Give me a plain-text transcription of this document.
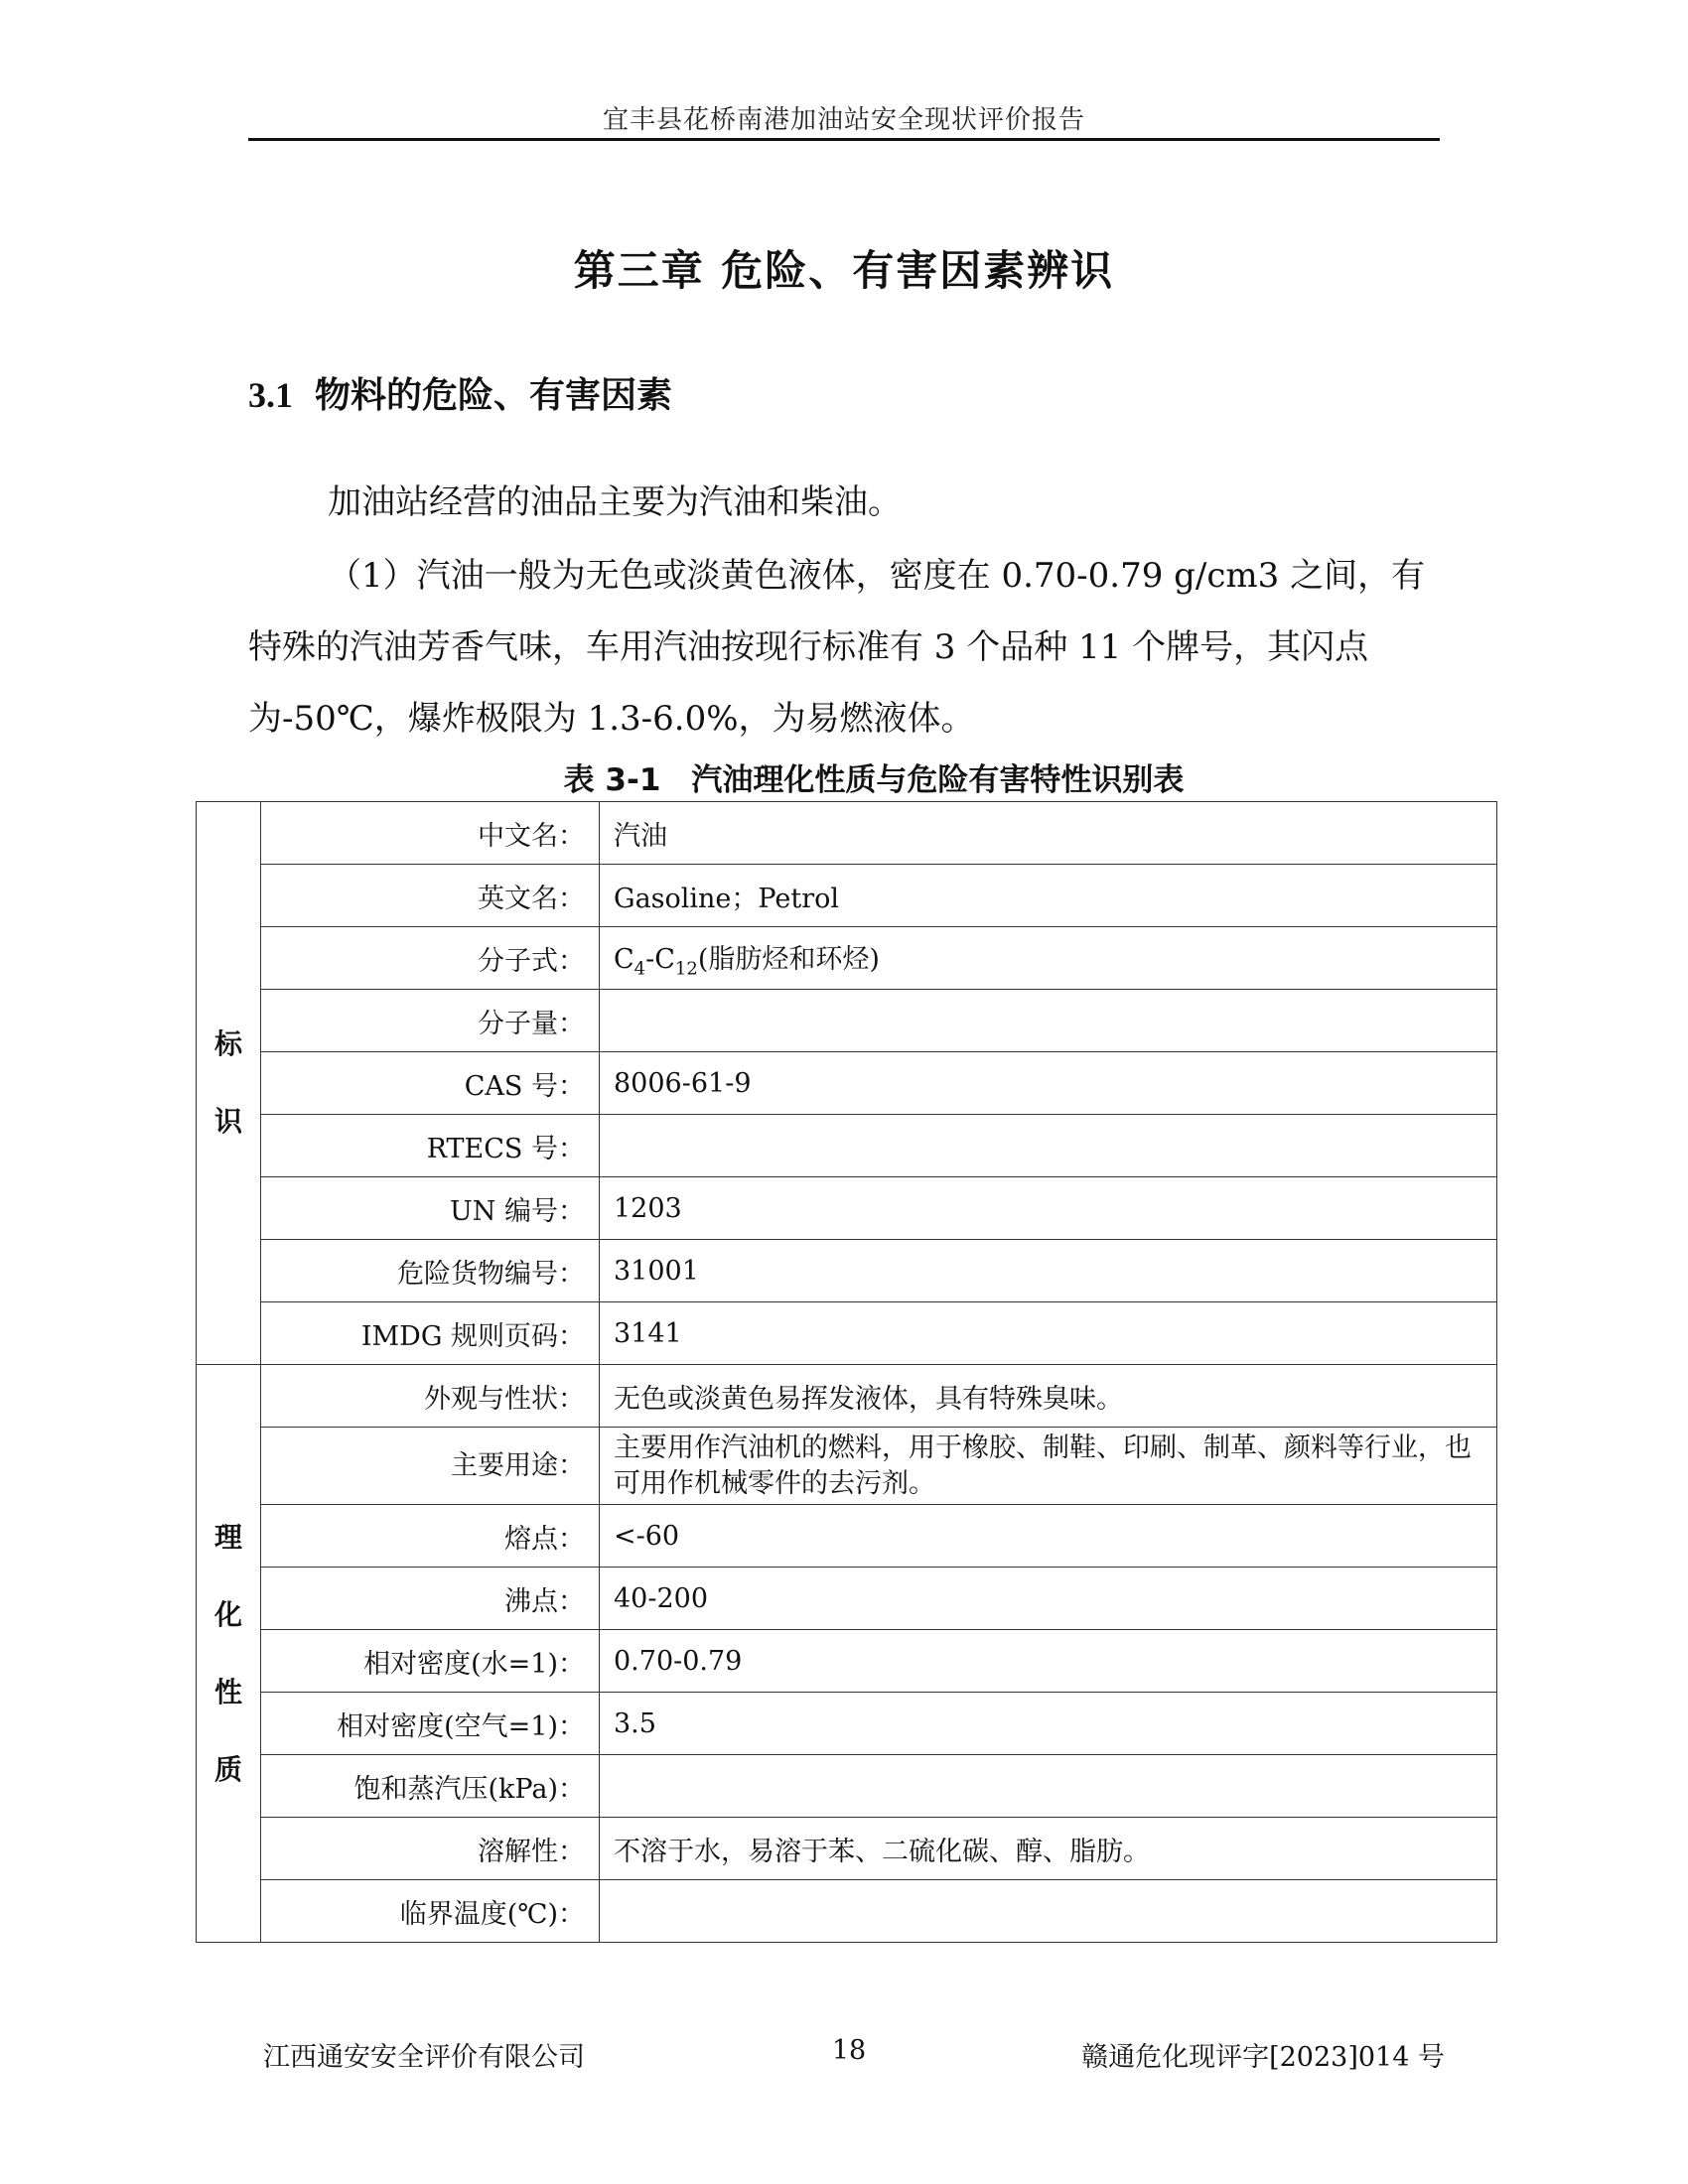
宜丰县花桥南港加油站安全现状评价报告
第三章 危险、有害因素辨识
3.1 物料的危险、有害因素

加油站经营的油品主要为汽油和柴油。

（1）汽油一般为无色或淡黄色液体，密度在 0.70-0.79 g/cm3 之间，有特殊的汽油芳香气味，车用汽油按现行标准有 3 个品种 11 个牌号，其闪点为-50℃，爆炸极限为 1.3-6.0%，为易燃液体。

表 3-1　汽油理化性质与危险有害特性识别表
标
识	中文名：	汽油
	英文名：	Gasoline；Petrol
	分子式：	$C_4-C_{12}$(脂肪烃和环烃)
	分子量：	
	CAS 号：	8006-61-9
	RTECS 号：	
	UN 编号：	1203
	危险货物编号：	31001
	IMDG 规则页码：	3141

理
化
性
质	外观与性状：	无色或淡黄色易挥发液体，具有特殊臭味。
	主要用途：	主要用作汽油机的燃料，用于橡胶、制鞋、印刷、制革、颜料等行业，也可用作机械零件的去污剂。
	熔点：	<-60
	沸点：	40-200
	相对密度(水=1)：	0.70-0.79
	相对密度(空气=1)：	3.5
	饱和蒸汽压(kPa)：	
	溶解性：	不溶于水，易溶于苯、二硫化碳、醇、脂肪。
	临界温度(℃)：	
江西通安安全评价有限公司	18	赣通危化现评字[2023]014 号
